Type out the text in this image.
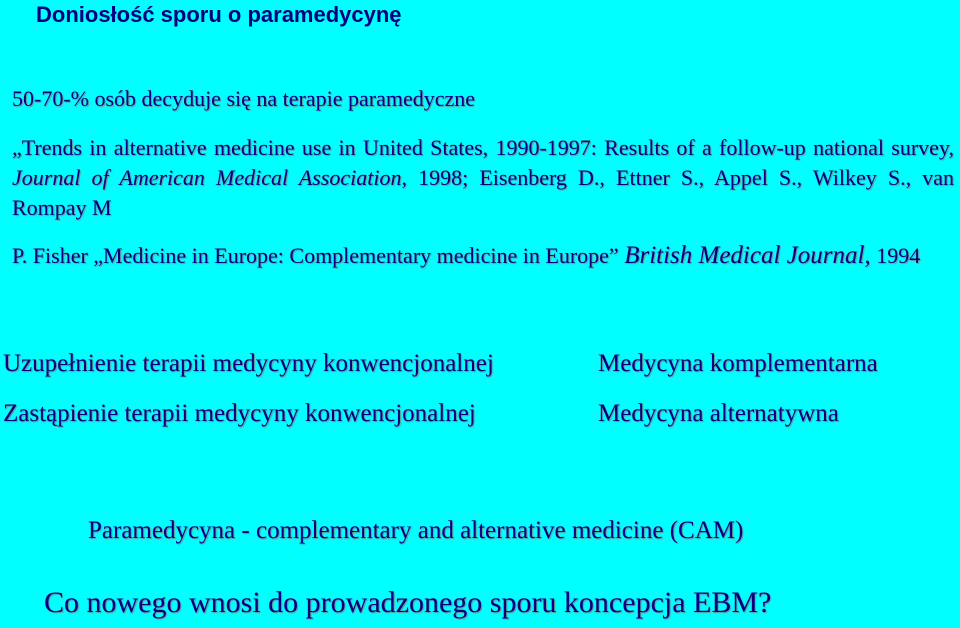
Doniosłość sporu o paramedycynę
50-70-% osób decyduje się na terapie paramedyczne
„Trends in alternative medicine use in United States, 1990-1997: Results of a follow-up national survey, Journal of American Medical Association, 1998; Eisenberg D., Ettner S., Appel S., Wilkey S., van Rompay M
P. Fisher „Medicine in Europe: Complementary medicine in Europe” British Medical Journal, 1994
Uzupełnienie terapii medycyny konwencjonalnej	Medycyna komplementarna
Zastąpienie terapii medycyny konwencjonalnej	Medycyna alternatywna
Paramedycyna - complementary and alternative medicine (CAM)
Co nowego wnosi do prowadzonego sporu koncepcja EBM?
